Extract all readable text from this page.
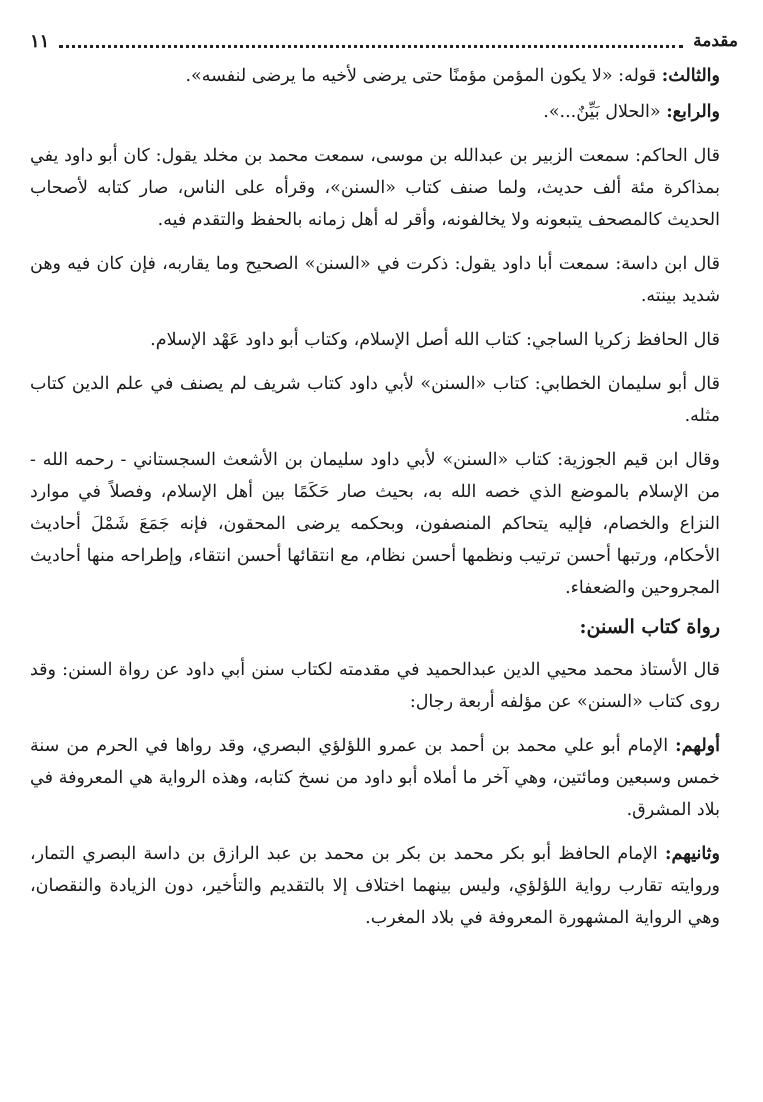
مقدمة
١١

والثالث: قوله: «لا يكون المؤمن مؤمنًا حتى يرضى لأخيه ما يرضى لنفسه».

والرابع: «الحلال بَيِّنٌ...».

قال الحاكم: سمعت الزبير بن عبدالله بن موسى، سمعت محمد بن مخلد يقول: كان أبو داود يفي بمذاكرة مئة ألف حديث، ولما صنف كتاب «السنن»، وقرأه على الناس، صار كتابه لأصحاب الحديث كالمصحف يتبعونه ولا يخالفونه، وأقر له أهل زمانه بالحفظ والتقدم فيه.

قال ابن داسة: سمعت أبا داود يقول: ذكرت في «السنن» الصحيح وما يقاربه، فإن كان فيه وهن شديد بينته.

قال الحافظ زكريا الساجي: كتاب الله أصل الإسلام، وكتاب أبو داود عَهْد الإسلام.

قال أبو سليمان الخطابي: كتاب «السنن» لأبي داود كتاب شريف لم يصنف في علم الدين كتاب مثله.

وقال ابن قيم الجوزية: كتاب «السنن» لأبي داود سليمان بن الأشعث السجستاني - رحمه الله - من الإسلام بالموضع الذي خصه الله به، بحيث صار حَكَمًا بين أهل الإسلام، وفصلاً في موارد النزاع والخصام، فإليه يتحاكم المنصفون، وبحكمه يرضى المحقون، فإنه جَمَعَ شَمْلَ أحاديث الأحكام، ورتبها أحسن ترتيب ونظمها أحسن نظام، مع انتقائها أحسن انتقاء، وإطراحه منها أحاديث المجروحين والضعفاء.

رواة كتاب السنن:

قال الأستاذ محمد محيي الدين عبدالحميد في مقدمته لكتاب سنن أبي داود عن رواة السنن: وقد روى كتاب «السنن» عن مؤلفه أربعة رجال:

أولهم: الإمام أبو علي محمد بن أحمد بن عمرو اللؤلؤي البصري، وقد رواها في الحرم من سنة خمس وسبعين ومائتين، وهي آخر ما أملاه أبو داود من نسخ كتابه، وهذه الرواية هي المعروفة في بلاد المشرق.

وثانيهم: الإمام الحافظ أبو بكر محمد بن بكر بن محمد بن عبد الرازق بن داسة البصري التمار، وروايته تقارب رواية اللؤلؤي، وليس بينهما اختلاف إلا بالتقديم والتأخير، دون الزيادة والنقصان، وهي الرواية المشهورة المعروفة في بلاد المغرب.
